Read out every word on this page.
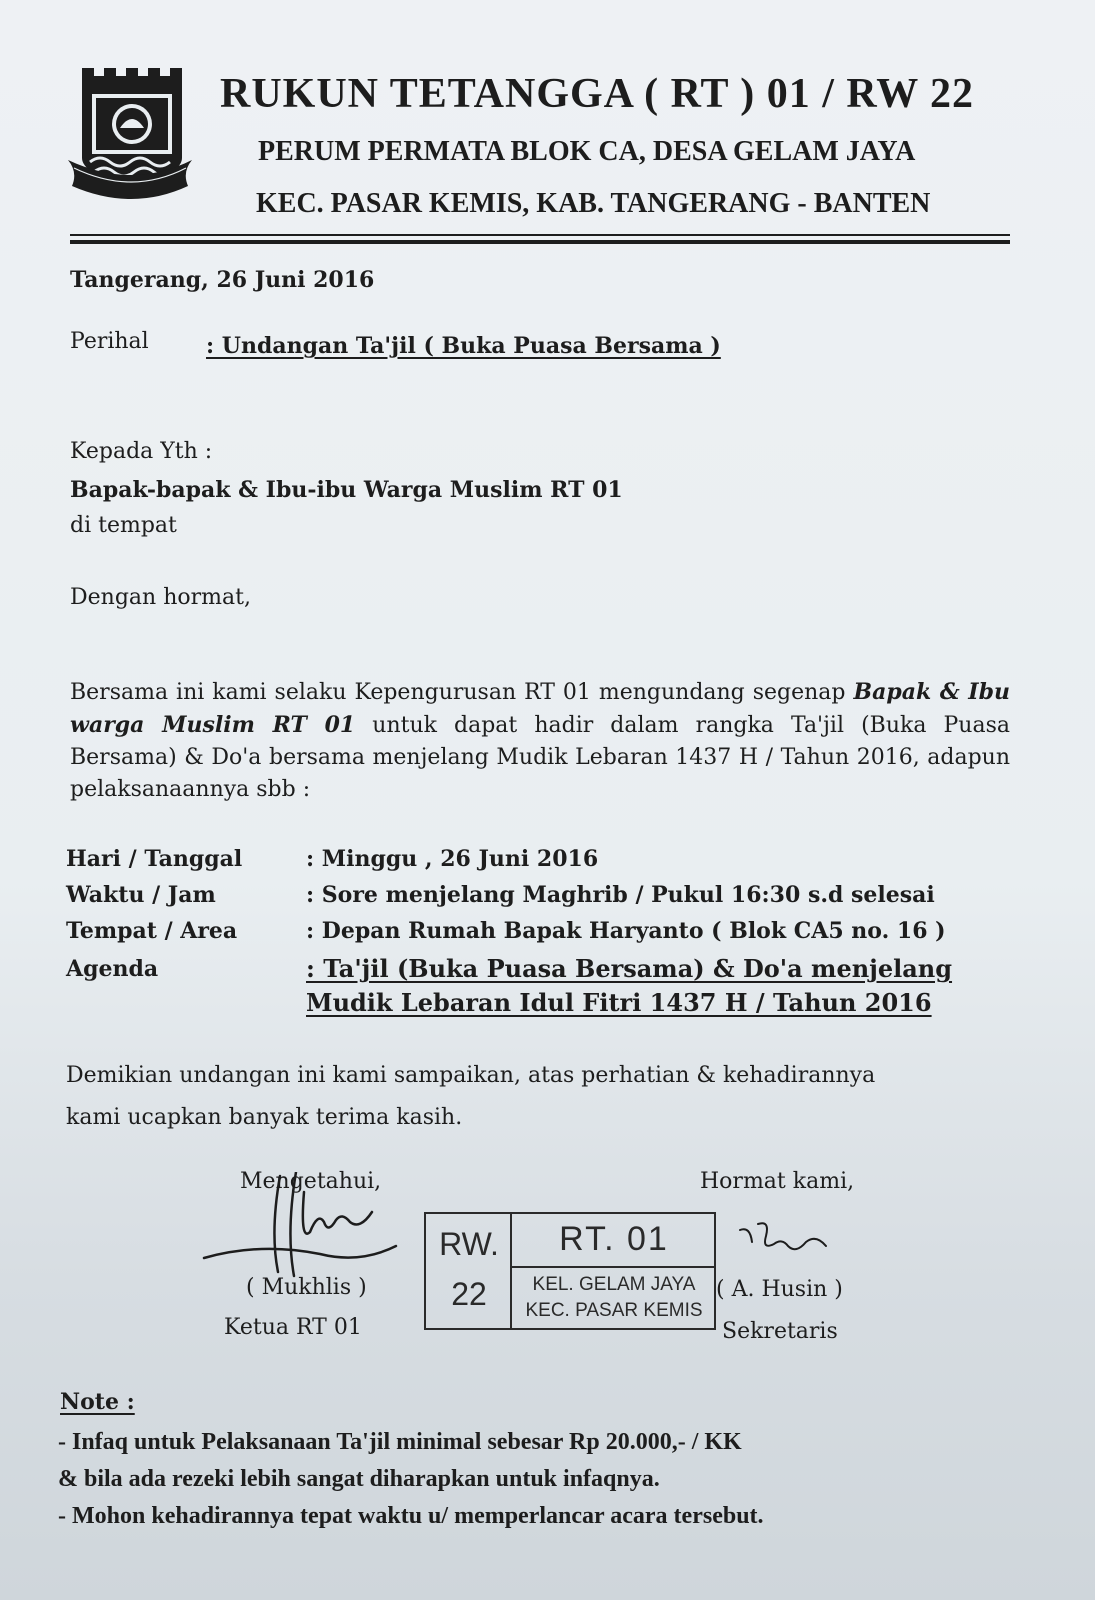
RUKUN TETANGGA ( RT ) 01 / RW 22
PERUM PERMATA BLOK CA, DESA GELAM JAYA
KEC. PASAR KEMIS, KAB. TANGERANG - BANTEN
Tangerang, 26 Juni 2016
Perihal	: Undangan Ta'jil ( Buka Puasa Bersama )
Kepada Yth :
Bapak-bapak & Ibu-ibu Warga Muslim RT 01
di tempat
Dengan hormat,
Bersama ini kami selaku Kepengurusan RT 01 mengundang segenap Bapak & Ibu warga Muslim RT 01 untuk dapat hadir dalam rangka Ta'jil (Buka Puasa Bersama) & Do'a bersama menjelang Mudik Lebaran 1437 H / Tahun 2016, adapun pelaksanaannya sbb :
Hari / Tanggal	: Minggu , 26 Juni 2016
Waktu / Jam	: Sore menjelang Maghrib / Pukul 16:30 s.d selesai
Tempat / Area	: Depan Rumah Bapak Haryanto ( Blok CA5 no. 16 )
Agenda	: Ta'jil (Buka Puasa Bersama) & Do'a menjelang Mudik Lebaran Idul Fitri 1437 H / Tahun 2016
Demikian undangan ini kami sampaikan, atas perhatian & kehadirannya
kami ucapkan banyak terima kasih.
Mengetahui,
( Mukhlis )
Ketua RT 01
RW.
22
RT. 01
KEL. GELAM JAYA
KEC. PASAR KEMIS
Hormat kami,
( A. Husin )
Sekretaris
Note :
- Infaq untuk Pelaksanaan Ta'jil minimal sebesar Rp 20.000,- / KK
& bila ada rezeki lebih sangat diharapkan untuk infaqnya.
- Mohon kehadirannya tepat waktu u/ memperlancar acara tersebut.
